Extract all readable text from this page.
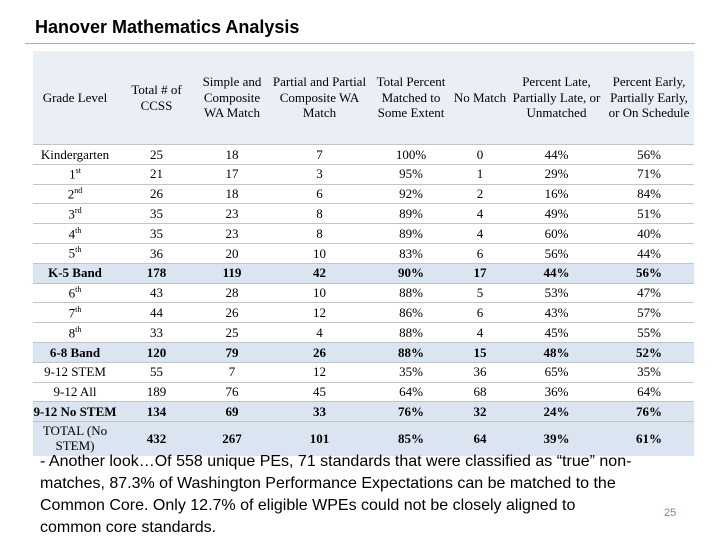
Hanover Mathematics Analysis
Grade Level	Total # of CCSS	Simple and Composite WA Match	Partial and Partial Composite WA Match	Total Percent Matched to Some Extent	No Match	Percent Late, Partially Late, or Unmatched	Percent Early, Partially Early, or On Schedule
Kindergarten	25	18	7	100%	0	44%	56%
1st	21	17	3	95%	1	29%	71%
2nd	26	18	6	92%	2	16%	84%
3rd	35	23	8	89%	4	49%	51%
4th	35	23	8	89%	4	60%	40%
5th	36	20	10	83%	6	56%	44%
K-5 Band	178	119	42	90%	17	44%	56%
6th	43	28	10	88%	5	53%	47%
7th	44	26	12	86%	6	43%	57%
8th	33	25	4	88%	4	45%	55%
6-8 Band	120	79	26	88%	15	48%	52%
9-12 STEM	55	7	12	35%	36	65%	35%
9-12 All	189	76	45	64%	68	36%	64%
9-12 No STEM	134	69	33	76%	32	24%	76%
TOTAL (No STEM)	432	267	101	85%	64	39%	61%
- Another look…Of 558 unique PEs, 71 standards that were classified as “true” non-matches, 87.3% of Washington Performance Expectations can be matched to the Common Core. Only 12.7% of eligible WPEs could not be closely aligned to common core standards.
25
